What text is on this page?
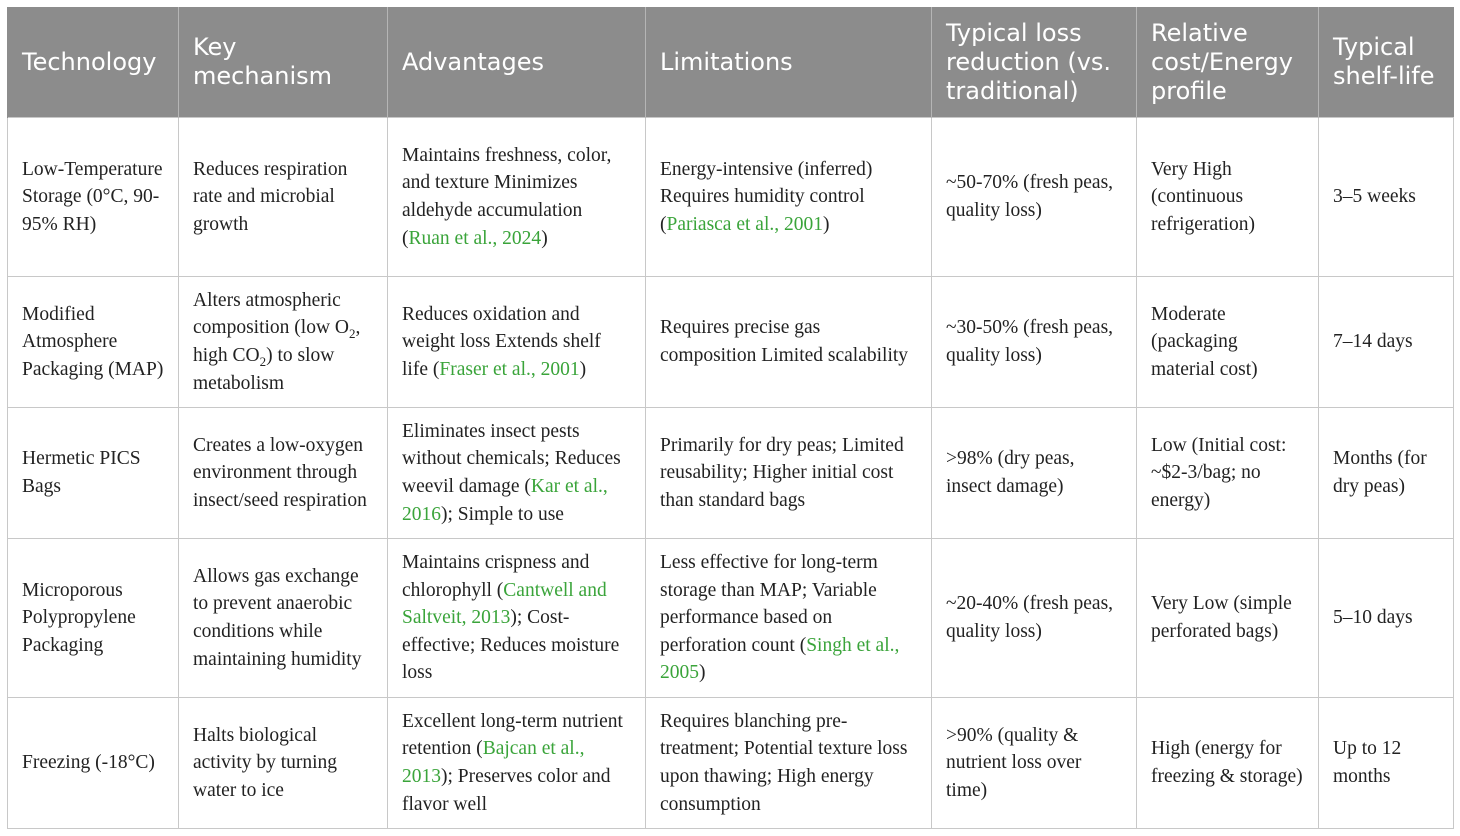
Technology	Key mechanism	Advantages	Limitations	Typical loss reduction (vs. traditional)	Relative cost/Energy profile	Typical shelf-life
Low-Temperature Storage (0°C, 90-95% RH)	Reduces respiration rate and microbial growth	Maintains freshness, color, and texture Minimizes aldehyde accumulation (Ruan et al., 2024)	Energy-intensive (inferred) Requires humidity control (Pariasca et al., 2001)	~50-70% (fresh peas, quality loss)	Very High (continuous refrigeration)	3–5 weeks
Modified Atmosphere Packaging (MAP)	Alters atmospheric composition (low $O_2$, high $CO_2$) to slow metabolism	Reduces oxidation and weight loss Extends shelf life (Fraser et al., 2001)	Requires precise gas composition Limited scalability	~30-50% (fresh peas, quality loss)	Moderate (packaging material cost)	7–14 days
Hermetic PICS Bags	Creates a low-oxygen environment through insect/seed respiration	Eliminates insect pests without chemicals; Reduces weevil damage (Kar et al., 2016); Simple to use	Primarily for dry peas; Limited reusability; Higher initial cost than standard bags	>98% (dry peas, insect damage)	Low (Initial cost: ~$2-3/bag; no energy)	Months (for dry peas)
Microporous Polypropylene Packaging	Allows gas exchange to prevent anaerobic conditions while maintaining humidity	Maintains crispness and chlorophyll (Cantwell and Saltveit, 2013); Cost-effective; Reduces moisture loss	Less effective for long-term storage than MAP; Variable performance based on perforation count (Singh et al., 2005)	~20-40% (fresh peas, quality loss)	Very Low (simple perforated bags)	5–10 days
Freezing (-18°C)	Halts biological activity by turning water to ice	Excellent long-term nutrient retention (Bajcan et al., 2013); Preserves color and flavor well	Requires blanching pre-treatment; Potential texture loss upon thawing; High energy consumption	>90% (quality & nutrient loss over time)	High (energy for freezing & storage)	Up to 12 months
